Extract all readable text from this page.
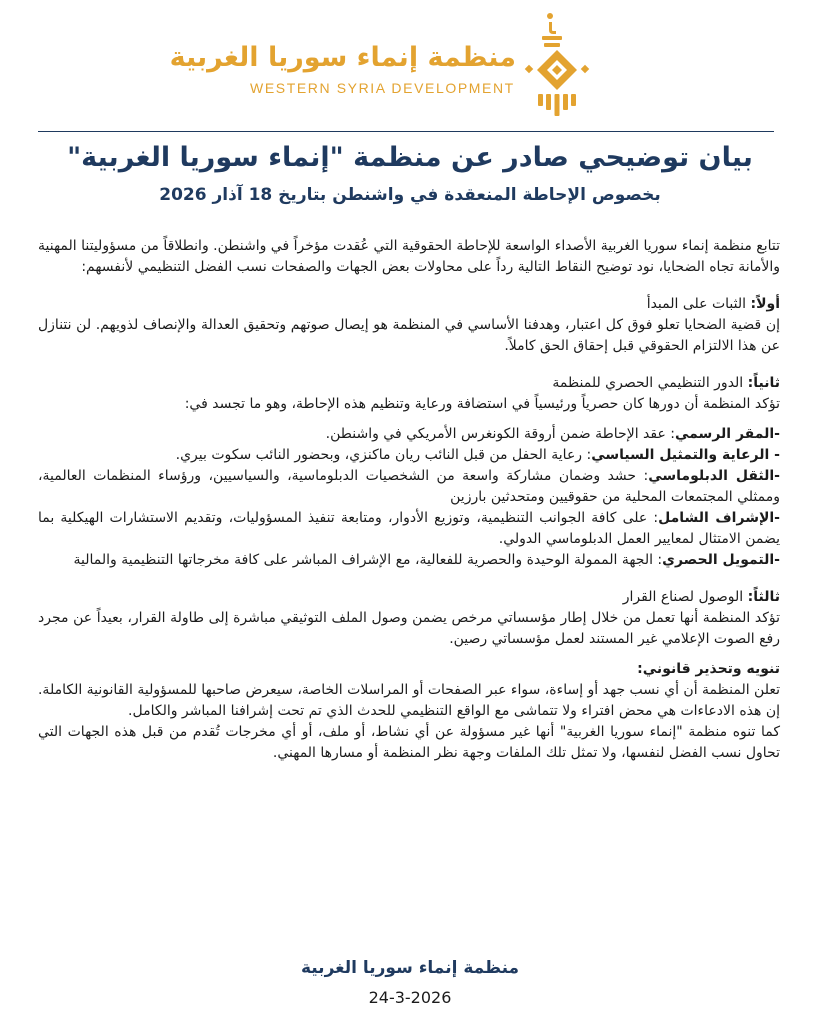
منظمة إنماء سوريا الغربية
WESTERN SYRIA DEVELOPMENT
بيان توضيحي صادر عن منظمة "إنماء سوريا الغربية"
بخصوص الإحاطة المنعقدة في واشنطن بتاريخ 18 آذار 2026

تتابع منظمة إنماء سوريا الغربية الأصداء الواسعة للإحاطة الحقوقية التي عُقدت مؤخراً في واشنطن. وانطلاقاً من مسؤوليتنا المهنية والأمانة تجاه الضحايا، نود توضيح النقاط التالية رداً على محاولات بعض الجهات والصفحات نسب الفضل التنظيمي لأنفسهم:

أولاً: الثبات على المبدأ

إن قضية الضحايا تعلو فوق كل اعتبار، وهدفنا الأساسي في المنظمة هو إيصال صوتهم وتحقيق العدالة والإنصاف لذويهم. لن نتنازل عن هذا الالتزام الحقوقي قبل إحقاق الحق كاملاً.

ثانياً: الدور التنظيمي الحصري للمنظمة

تؤكد المنظمة أن دورها كان حصرياً ورئيسياً في استضافة ورعاية وتنظيم هذه الإحاطة، وهو ما تجسد في:

-المقر الرسمي: عقد الإحاطة ضمن أروقة الكونغرس الأمريكي في واشنطن.

- الرعاية والتمثيل السياسي: رعاية الحفل من قبل النائب ريان ماكنزي، وبحضور النائب سكوت بيري.

-الثقل الدبلوماسي: حشد وضمان مشاركة واسعة من الشخصيات الدبلوماسية، والسياسيين، ورؤساء المنظمات العالمية، وممثلي المجتمعات المحلية من حقوقيين ومتحدثين بارزين

-الإشراف الشامل: على كافة الجوانب التنظيمية، وتوزيع الأدوار، ومتابعة تنفيذ المسؤوليات، وتقديم الاستشارات الهيكلية بما يضمن الامتثال لمعايير العمل الدبلوماسي الدولي.

-التمويل الحصري: الجهة الممولة الوحيدة والحصرية للفعالية، مع الإشراف المباشر على كافة مخرجاتها التنظيمية والمالية

ثالثاً: الوصول لصناع القرار

تؤكد المنظمة أنها تعمل من خلال إطار مؤسساتي مرخص يضمن وصول الملف التوثيقي مباشرة إلى طاولة القرار، بعيداً عن مجرد رفع الصوت الإعلامي غير المستند لعمل مؤسساتي رصين.

تنويه وتحذير قانوني:

تعلن المنظمة أن أي نسب جهد أو إساءة، سواء عبر الصفحات أو المراسلات الخاصة، سيعرض صاحبها للمسؤولية القانونية الكاملة. إن هذه الادعاءات هي محض افتراء ولا تتماشى مع الواقع التنظيمي للحدث الذي تم تحت إشرافنا المباشر والكامل.

كما تنوه منظمة "إنماء سوريا الغربية" أنها غير مسؤولة عن أي نشاط، أو ملف، أو أي مخرجات تُقدم من قبل هذه الجهات التي تحاول نسب الفضل لنفسها، ولا تمثل تلك الملفات وجهة نظر المنظمة أو مسارها المهني.

منظمة إنماء سوريا الغربية
24-3-2026
